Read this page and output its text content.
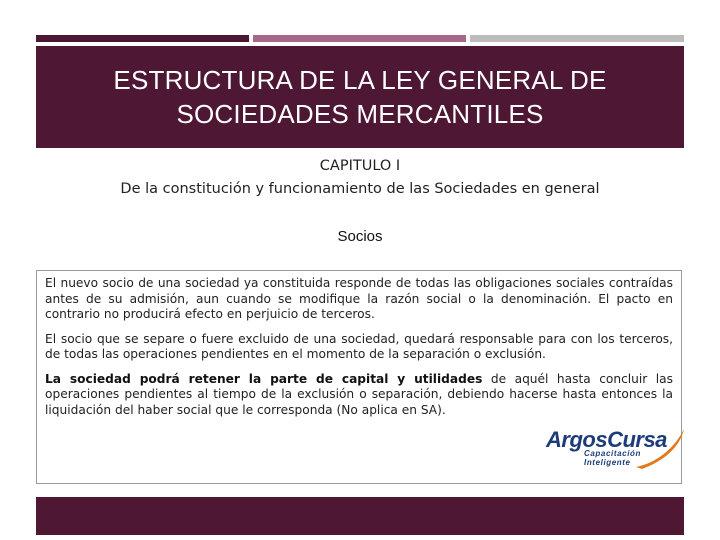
ESTRUCTURA DE LA LEY GENERAL DE
SOCIEDADES MERCANTILES
CAPITULO I
De la constitución y funcionamiento de las Sociedades en general
Socios

El nuevo socio de una sociedad ya constituida responde de todas las obligaciones sociales contraídas antes de su admisión, aun cuando se modifique la razón social o la denominación. El pacto en contrario no producirá efecto en perjuicio de terceros.

El socio que se separe o fuere excluido de una sociedad, quedará responsable para con los terceros, de todas las operaciones pendientes en el momento de la separación o exclusión.

La sociedad podrá retener la parte de capital y utilidades de aquél hasta concluir las operaciones pendientes al tiempo de la exclusión o separación, debiendo hacerse hasta entonces la liquidación del haber social que le corresponda (No aplica en SA).

ArgosCursa
Capacitación
Inteligente
